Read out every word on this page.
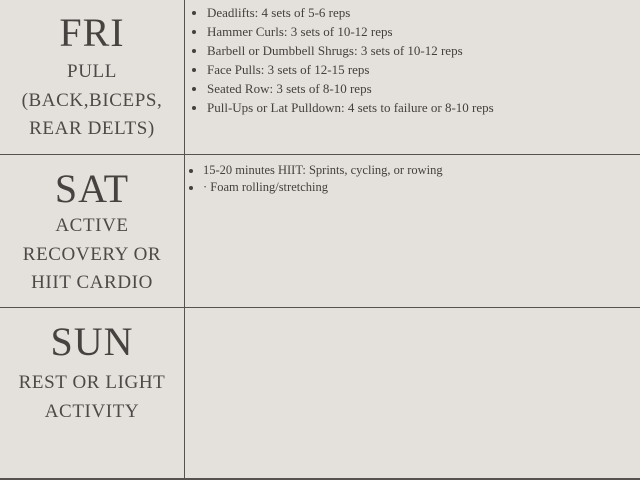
FRI
PULL
(BACK,BICEPS,
REAR DELTS)
• Deadlifts: 4 sets of 5-6 reps
• Hammer Curls: 3 sets of 10-12 reps
• Barbell or Dumbbell Shrugs: 3 sets of 10-12 reps
• Face Pulls: 3 sets of 12-15 reps
• Seated Row: 3 sets of 8-10 reps
• Pull-Ups or Lat Pulldown: 4 sets to failure or 8-10 reps
SAT
ACTIVE
RECOVERY OR
HIIT CARDIO
• 15-20 minutes HIIT: Sprints, cycling, or rowing
• · Foam rolling/stretching
SUN
REST OR LIGHT
ACTIVITY
